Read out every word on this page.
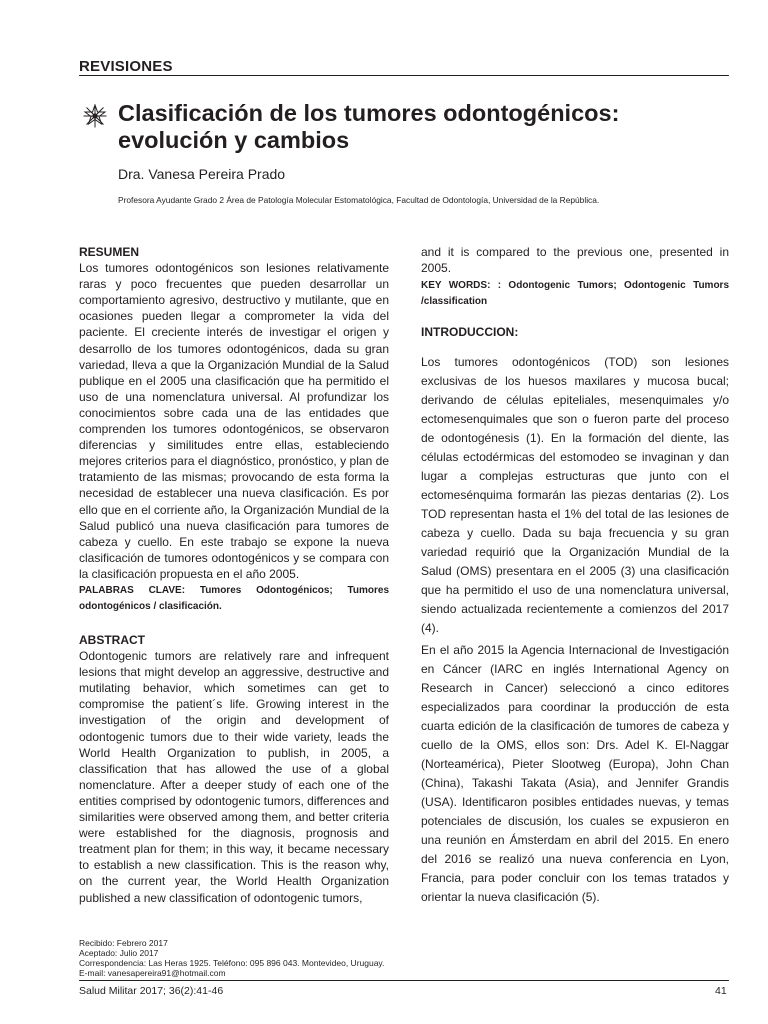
REVISIONES
Clasificación de los tumores odontogénicos:
evolución y cambios
Dra. Vanesa Pereira Prado
Profesora Ayudante Grado 2 Área de Patología Molecular Estomatológica, Facultad de Odontología, Universidad de la República.
RESUMEN
Los tumores odontogénicos son lesiones relativamente raras y poco frecuentes que pueden desarrollar un comportamiento agresivo, destructivo y mutilante, que en ocasiones pueden llegar a comprometer la vida del paciente. El creciente interés de investigar el origen y desarrollo de los tumores odontogénicos, dada su gran variedad, lleva a que la Organización Mundial de la Salud publique en el 2005 una clasificación que ha permitido el uso de una nomenclatura universal. Al profundizar los conocimientos sobre cada una de las entidades que comprenden los tumores odontogénicos, se observaron diferencias y similitudes entre ellas, estableciendo mejores criterios para el diagnóstico, pronóstico, y plan de tratamiento de las mismas; provocando de esta forma la necesidad de establecer una nueva clasificación. Es por ello que en el corriente año, la Organización Mundial de la Salud publicó una nueva clasificación para tumores de cabeza y cuello. En este trabajo se expone la nueva clasificación de tumores odontogénicos y se compara con la clasificación propuesta en el año 2005.
PALABRAS CLAVE: Tumores Odontogénicos; Tumores odontogénicos / clasificación.
ABSTRACT
Odontogenic tumors are relatively rare and infrequent lesions that might develop an aggressive, destructive and mutilating behavior, which sometimes can get to compromise the patient´s life. Growing interest in the investigation of the origin and development of odontogenic tumors due to their wide variety, leads the World Health Organization to publish, in 2005, a classification that has allowed the use of a global nomenclature. After a deeper study of each one of the entities comprised by odontogenic tumors, differences and similarities were observed among them, and better criteria were established for the diagnosis, prognosis and treatment plan for them; in this way, it became necessary to establish a new classification. This is the reason why, on the current year, the World Health Organization published a new classification of odontogenic tumors,
and it is compared to the previous one, presented in 2005.
KEY WORDS: : Odontogenic Tumors; Odontogenic Tumors /classification
INTRODUCCION:
Los tumores odontogénicos (TOD) son lesiones exclusivas de los huesos maxilares y mucosa bucal; derivando de células epiteliales, mesenquimales y/o ectomesenquimales que son o fueron parte del proceso de odontogénesis (1). En la formación del diente, las células ectodérmicas del estomodeo se invaginan y dan lugar a complejas estructuras que junto con el ectomesénquima formarán las piezas dentarias (2). Los TOD representan hasta el 1% del total de las lesiones de cabeza y cuello. Dada su baja frecuencia y su gran variedad requirió que la Organización Mundial de la Salud (OMS) presentara en el 2005 (3) una clasificación que ha permitido el uso de una nomenclatura universal, siendo actualizada recientemente a comienzos del 2017 (4).
En el año 2015 la Agencia Internacional de Investigación en Cáncer (IARC en inglés International Agency on Research in Cancer) seleccionó a cinco editores especializados para coordinar la producción de esta cuarta edición de la clasificación de tumores de cabeza y cuello de la OMS, ellos son: Drs. Adel K. El-Naggar (Norteamérica), Pieter Slootweg (Europa), John Chan (China), Takashi Takata (Asia), and Jennifer Grandis (USA). Identificaron posibles entidades nuevas, y temas potenciales de discusión, los cuales se expusieron en una reunión en Ámsterdam en abril del 2015. En enero del 2016 se realizó una nueva conferencia en Lyon, Francia, para poder concluir con los temas tratados y orientar la nueva clasificación (5).
Recibido: Febrero 2017
Aceptado: Julio 2017
Correspondencia: Las Heras 1925. Teléfono: 095 896 043. Montevideo, Uruguay.
E-mail: vanesapereira91@hotmail.com
Salud Militar 2017; 36(2):41-46	41
